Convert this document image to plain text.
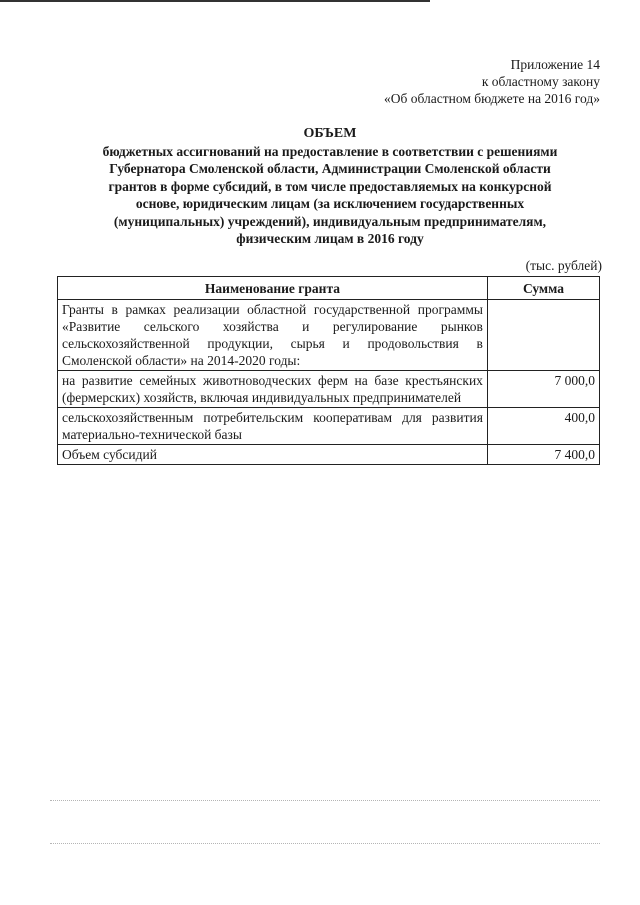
Приложение 14
к областному закону
«Об областном бюджете на 2016 год»
ОБЪЕМ
бюджетных ассигнований на предоставление в соответствии с решениями
Губернатора Смоленской области, Администрации Смоленской области
грантов в форме субсидий, в том числе предоставляемых на конкурсной
основе, юридическим лицам (за исключением государственных
(муниципальных) учреждений), индивидуальным предпринимателям,
физическим лицам в 2016 году
(тыс. рублей)
Наименование гранта	Сумма
Гранты в рамках реализации областной государственной программы «Развитие сельского хозяйства и регулирование рынков сельскохозяйственной продукции, сырья и продовольствия в Смоленской области» на 2014-2020 годы:	
на развитие семейных животноводческих ферм на базе крестьянских (фермерских) хозяйств, включая индивидуальных предпринимателей	7 000,0
сельскохозяйственным потребительским кооперативам для развития материально-технической базы	400,0
Объем субсидий	7 400,0
